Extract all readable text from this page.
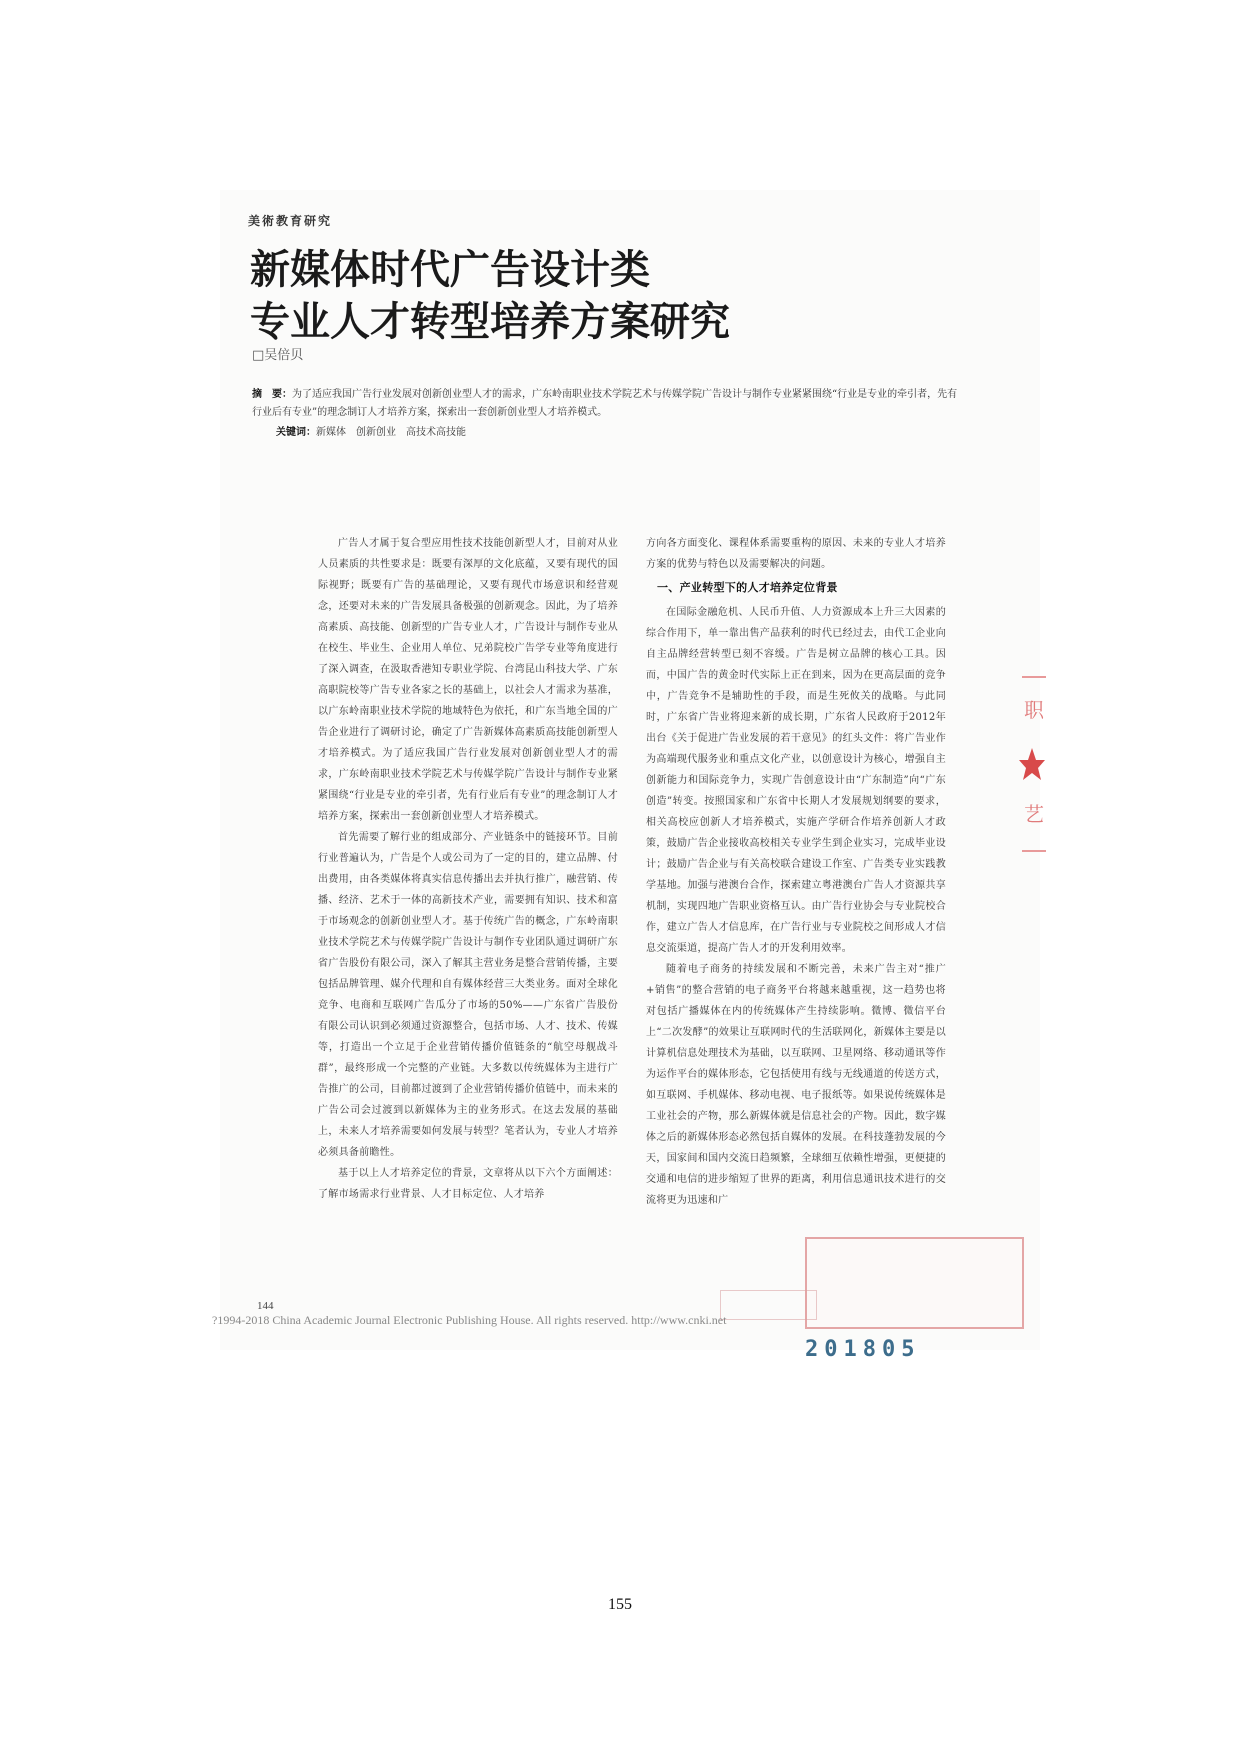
美術教育研究
新媒体时代广告设计类
专业人才转型培养方案研究
□吴倍贝
摘　要：为了适应我国广告行业发展对创新创业型人才的需求，广东岭南职业技术学院艺术与传媒学院广告设计与制作专业紧紧围绕“行业是专业的牵引者，先有行业后有专业”的理念制订人才培养方案，探索出一套创新创业型人才培养模式。
关键词：新媒体　创新创业　高技术高技能

广告人才属于复合型应用性技术技能创新型人才，目前对从业人员素质的共性要求是：既要有深厚的文化底蕴，又要有现代的国际视野；既要有广告的基础理论，又要有现代市场意识和经营观念，还要对未来的广告发展具备极强的创新观念。因此，为了培养高素质、高技能、创新型的广告专业人才，广告设计与制作专业从在校生、毕业生、企业用人单位、兄弟院校广告学专业等角度进行了深入调查，在汲取香港知专职业学院、台湾昆山科技大学、广东高职院校等广告专业各家之长的基础上，以社会人才需求为基准，以广东岭南职业技术学院的地域特色为依托，和广东当地全国的广告企业进行了调研讨论，确定了广告新媒体高素质高技能创新型人才培养模式。为了适应我国广告行业发展对创新创业型人才的需求，广东岭南职业技术学院艺术与传媒学院广告设计与制作专业紧紧围绕“行业是专业的牵引者，先有行业后有专业”的理念制订人才培养方案，探索出一套创新创业型人才培养模式。

首先需要了解行业的组成部分、产业链条中的链接环节。目前行业普遍认为，广告是个人或公司为了一定的目的，建立品牌、付出费用，由各类媒体将真实信息传播出去并执行推广，融营销、传播、经济、艺术于一体的高新技术产业，需要拥有知识、技术和富于市场观念的创新创业型人才。基于传统广告的概念，广东岭南职业技术学院艺术与传媒学院广告设计与制作专业团队通过调研广东省广告股份有限公司，深入了解其主营业务是整合营销传播，主要包括品牌管理、媒介代理和自有媒体经营三大类业务。面对全球化竞争、电商和互联网广告瓜分了市场的50%——广东省广告股份有限公司认识到必须通过资源整合，包括市场、人才、技术、传媒等，打造出一个立足于企业营销传播价值链条的“航空母舰战斗群”，最终形成一个完整的产业链。大多数以传统媒体为主进行广告推广的公司，目前都过渡到了企业营销传播价值链中，而未来的广告公司会过渡到以新媒体为主的业务形式。在这去发展的基础上，未来人才培养需要如何发展与转型？笔者认为，专业人才培养必须具备前瞻性。

基于以上人才培养定位的背景，文章将从以下六个方面阐述：了解市场需求行业背景、人才目标定位、人才培养

方向各方面变化、课程体系需要重构的原因、未来的专业人才培养方案的优势与特色以及需要解决的问题。

一、产业转型下的人才培养定位背景

在国际金融危机、人民币升值、人力资源成本上升三大因素的综合作用下，单一靠出售产品获利的时代已经过去，由代工企业向自主品牌经营转型已刻不容缓。广告是树立品牌的核心工具。因而，中国广告的黄金时代实际上正在到来，因为在更高层面的竞争中，广告竞争不是辅助性的手段，而是生死攸关的战略。与此同时，广东省广告业将迎来新的成长期，广东省人民政府于2012年出台《关于促进广告业发展的若干意见》的红头文件：将广告业作为高端现代服务业和重点文化产业，以创意设计为核心，增强自主创新能力和国际竞争力，实现广告创意设计由“广东制造”向“广东创造”转变。按照国家和广东省中长期人才发展规划纲要的要求，相关高校应创新人才培养模式，实施产学研合作培养创新人才政策，鼓励广告企业接收高校相关专业学生到企业实习，完成毕业设计；鼓励广告企业与有关高校联合建设工作室、广告类专业实践教学基地。加强与港澳台合作，探索建立粤港澳台广告人才资源共享机制，实现四地广告职业资格互认。由广告行业协会与专业院校合作，建立广告人才信息库，在广告行业与专业院校之间形成人才信息交流渠道，提高广告人才的开发利用效率。

随着电子商务的持续发展和不断完善，未来广告主对“推广+销售”的整合营销的电子商务平台将越来越重视，这一趋势也将对包括广播媒体在内的传统媒体产生持续影响。微博、微信平台上“二次发酵”的效果让互联网时代的生活联网化，新媒体主要是以计算机信息处理技术为基础，以互联网、卫星网络、移动通讯等作为运作平台的媒体形态，它包括使用有线与无线通道的传送方式，如互联网、手机媒体、移动电视、电子报纸等。如果说传统媒体是工业社会的产物，那么新媒体就是信息社会的产物。因此，数字媒体之后的新媒体形态必然包括自媒体的发展。在科技蓬勃发展的今天，国家间和国内交流日趋频繁，全球细互依赖性增强，更便捷的交通和电信的进步缩短了世界的距离，利用信息通讯技术进行的交流将更为迅速和广

144
?1994-2018 China Academic Journal Electronic Publishing House. All rights reserved. http://www.cnki.net
201805
职
艺
155
